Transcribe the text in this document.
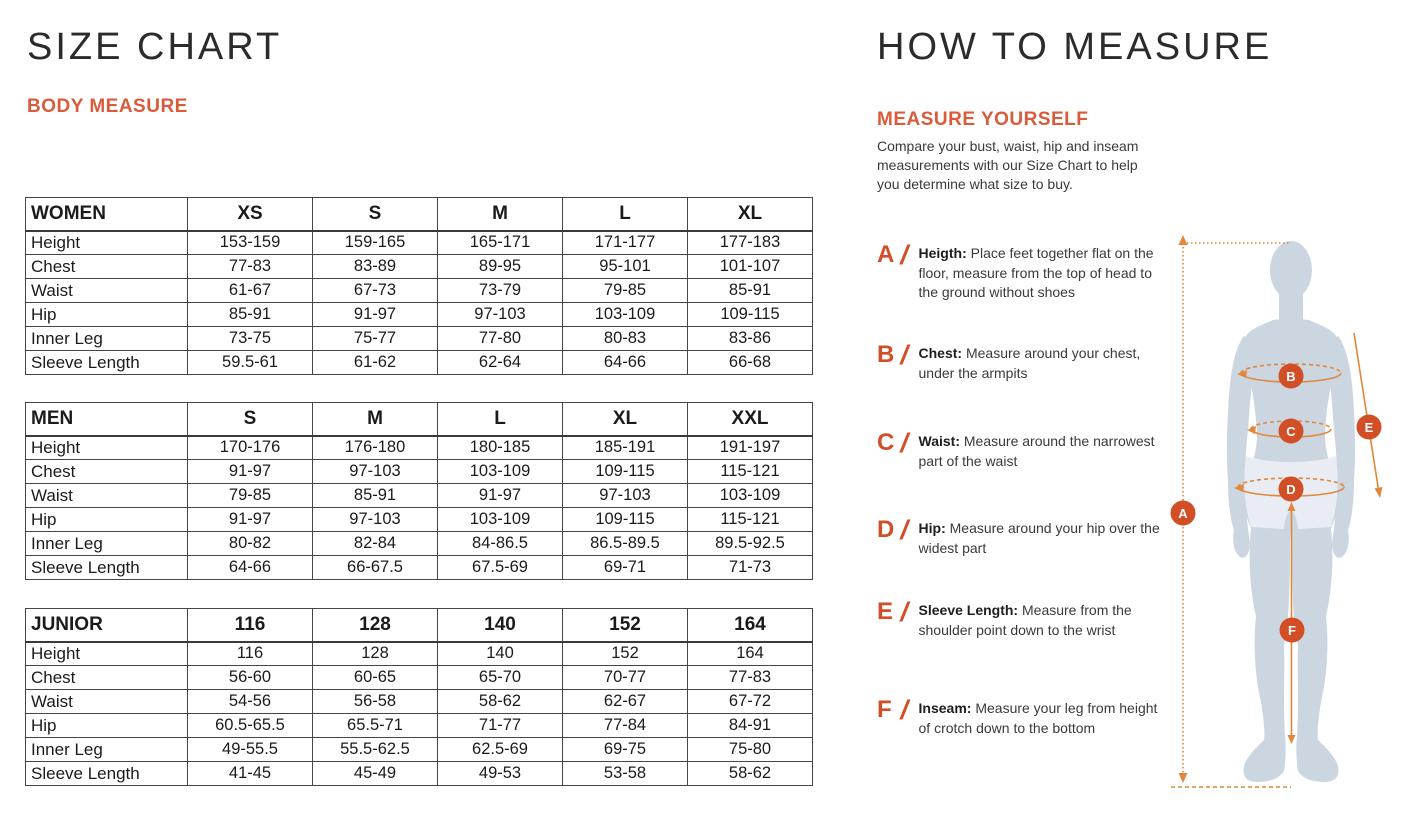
SIZE CHART
BODY MEASURE
WOMEN	XS	S	M	L	XL
Height	153-159	159-165	165-171	171-177	177-183
Chest	77-83	83-89	89-95	95-101	101-107
Waist	61-67	67-73	73-79	79-85	85-91
Hip	85-91	91-97	97-103	103-109	109-115
Inner Leg	73-75	75-77	77-80	80-83	83-86
Sleeve Length	59.5-61	61-62	62-64	64-66	66-68
MEN	S	M	L	XL	XXL
Height	170-176	176-180	180-185	185-191	191-197
Chest	91-97	97-103	103-109	109-115	115-121
Waist	79-85	85-91	91-97	97-103	103-109
Hip	91-97	97-103	103-109	109-115	115-121
Inner Leg	80-82	82-84	84-86.5	86.5-89.5	89.5-92.5
Sleeve Length	64-66	66-67.5	67.5-69	69-71	71-73
JUNIOR	116	128	140	152	164
Height	116	128	140	152	164
Chest	56-60	60-65	65-70	70-77	77-83
Waist	54-56	56-58	58-62	62-67	67-72
Hip	60.5-65.5	65.5-71	71-77	77-84	84-91
Inner Leg	49-55.5	55.5-62.5	62.5-69	69-75	75-80
Sleeve Length	41-45	45-49	49-53	53-58	58-62
HOW TO MEASURE
MEASURE YOURSELF

Compare your bust, waist, hip and inseam measurements with our Size Chart to help you determine what size to buy.

A / Heigth: Place feet together flat on the floor, measure from the top of head to the ground without shoes

B / Chest: Measure around your chest, under the armpits

C / Waist: Measure around the narrowest part of the waist

D / Hip: Measure around your hip over the widest part

E / Sleeve Length: Measure from the shoulder point down to the wrist

F / Inseam: Measure your leg from height of crotch down to the bottom

A
B
C
D
E
F
